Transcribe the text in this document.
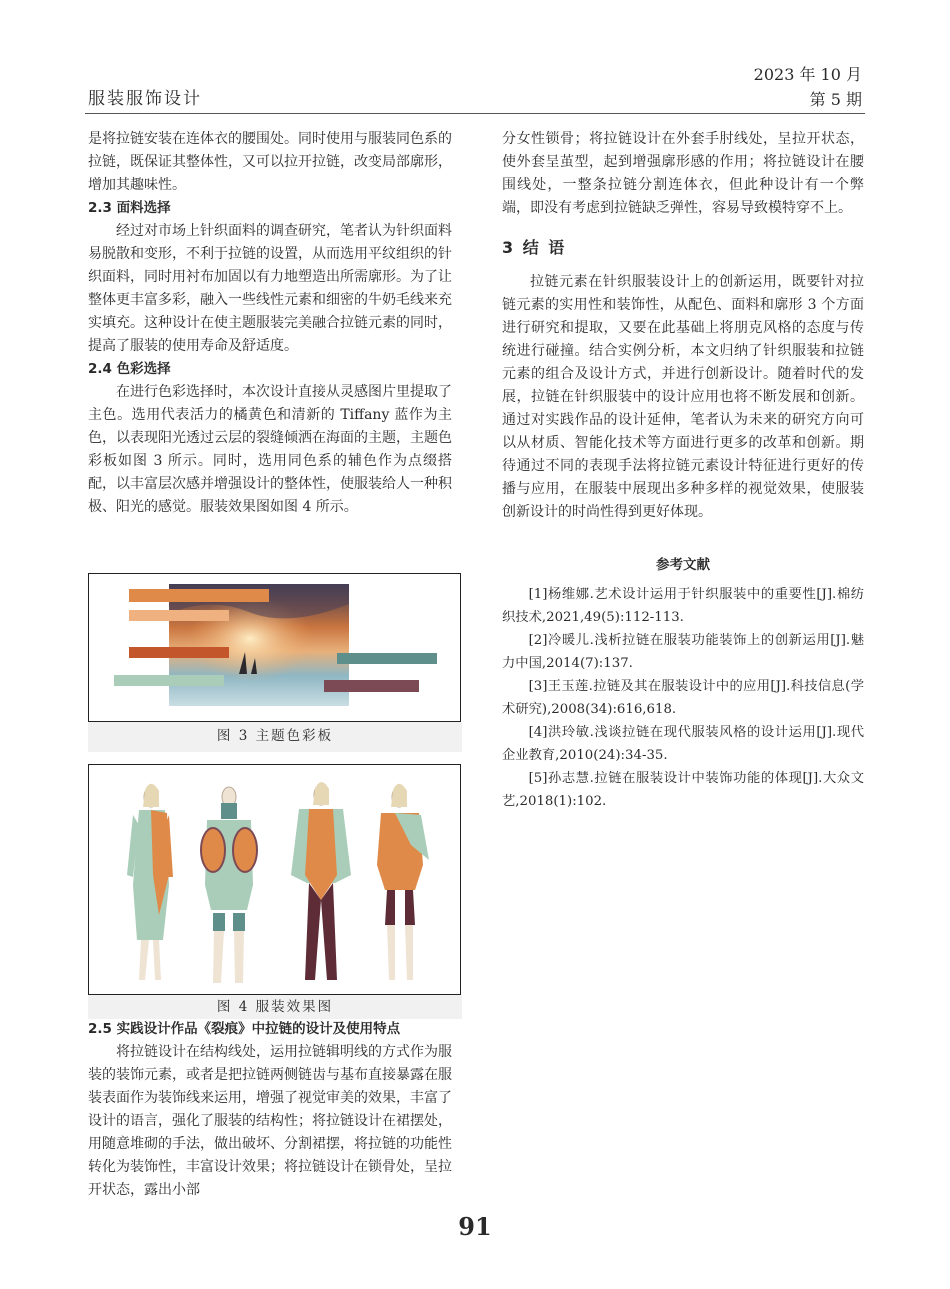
服装服饰设计
2023 年 10 月
第 5 期

是将拉链安装在连体衣的腰围处。同时使用与服装同色系的拉链，既保证其整体性，又可以拉开拉链，改变局部廓形，增加其趣味性。

2.3 面料选择

经过对市场上针织面料的调查研究，笔者认为针织面料易脱散和变形，不利于拉链的设置，从而选用平纹组织的针织面料，同时用衬布加固以有力地塑造出所需廓形。为了让整体更丰富多彩，融入一些线性元素和细密的牛奶毛线来充实填充。这种设计在使主题服装完美融合拉链元素的同时，提高了服装的使用寿命及舒适度。

2.4 色彩选择

在进行色彩选择时，本次设计直接从灵感图片里提取了主色。选用代表活力的橘黄色和清新的 Tiffany 蓝作为主色，以表现阳光透过云层的裂缝倾洒在海面的主题，主题色彩板如图 3 所示。同时，选用同色系的辅色作为点缀搭配，以丰富层次感并增强设计的整体性，使服装给人一种积极、阳光的感觉。服装效果图如图 4 所示。

图 3 主题色彩板
图 4 服装效果图
2.5 实践设计作品《裂痕》中拉链的设计及使用特点

将拉链设计在结构线处，运用拉链辑明线的方式作为服装的装饰元素，或者是把拉链两侧链齿与基布直接暴露在服装表面作为装饰线来运用，增强了视觉审美的效果，丰富了设计的语言，强化了服装的结构性；将拉链设计在裙摆处，用随意堆砌的手法，做出破坏、分割裙摆，将拉链的功能性转化为装饰性，丰富设计效果；将拉链设计在锁骨处，呈拉开状态，露出小部

分女性锁骨；将拉链设计在外套手肘线处，呈拉开状态，使外套呈茧型，起到增强廓形感的作用；将拉链设计在腰围线处，一整条拉链分割连体衣，但此种设计有一个弊端，即没有考虑到拉链缺乏弹性，容易导致模特穿不上。

3 结 语

拉链元素在针织服装设计上的创新运用，既要针对拉链元素的实用性和装饰性，从配色、面料和廓形 3 个方面进行研究和提取，又要在此基础上将朋克风格的态度与传统进行碰撞。结合实例分析，本文归纳了针织服装和拉链元素的组合及设计方式，并进行创新设计。随着时代的发展，拉链在针织服装中的设计应用也将不断发展和创新。通过对实践作品的设计延伸，笔者认为未来的研究方向可以从材质、智能化技术等方面进行更多的改革和创新。期待通过不同的表现手法将拉链元素设计特征进行更好的传播与应用，在服装中展现出多种多样的视觉效果，使服装创新设计的时尚性得到更好体现。

参考文献
[1]杨维娜.艺术设计运用于针织服装中的重要性[J].棉纺织技术,2021,49(5):112-113.
[2]冷暖儿.浅析拉链在服装功能装饰上的创新运用[J].魅力中国,2014(7):137.
[3]王玉莲.拉链及其在服装设计中的应用[J].科技信息(学术研究),2008(34):616,618.
[4]洪玲敏.浅谈拉链在现代服装风格的设计运用[J].现代企业教育,2010(24):34-35.
[5]孙志慧.拉链在服装设计中装饰功能的体现[J].大众文艺,2018(1):102.
91
